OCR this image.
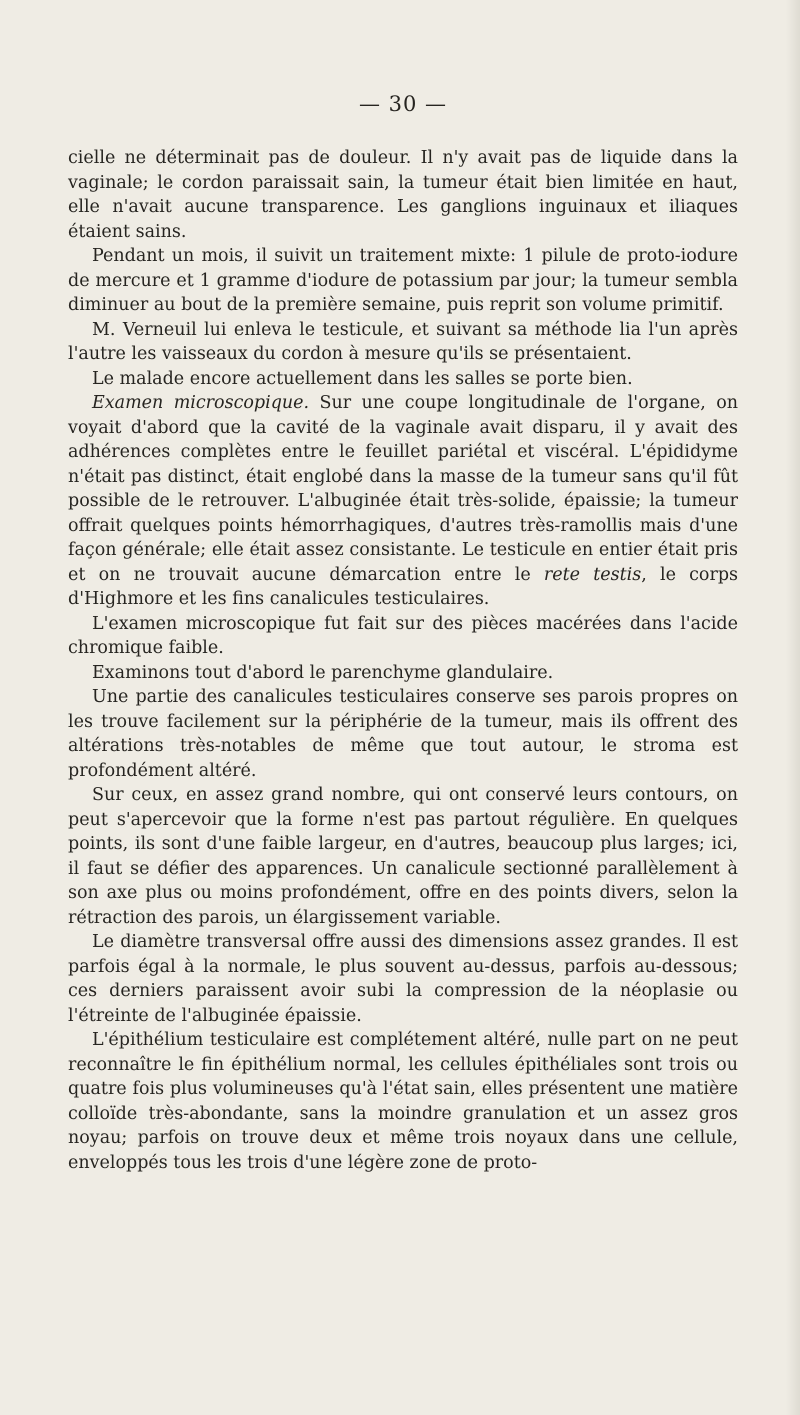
— 30 —

cielle ne déterminait pas de douleur. Il n'y avait pas de liquide dans la vaginale; le cordon paraissait sain, la tumeur était bien limitée en haut, elle n'avait aucune transparence. Les ganglions inguinaux et iliaques étaient sains.

Pendant un mois, il suivit un traitement mixte: 1 pilule de proto-iodure de mercure et 1 gramme d'iodure de potassium par jour; la tumeur sembla diminuer au bout de la première semaine, puis reprit son volume primitif.

M. Verneuil lui enleva le testicule, et suivant sa méthode lia l'un après l'autre les vaisseaux du cordon à mesure qu'ils se présentaient.

Le malade encore actuellement dans les salles se porte bien.

Examen microscopique. Sur une coupe longitudinale de l'organe, on voyait d'abord que la cavité de la vaginale avait disparu, il y avait des adhérences complètes entre le feuillet pariétal et viscéral. L'épididyme n'était pas distinct, était englobé dans la masse de la tumeur sans qu'il fût possible de le retrouver. L'albuginée était très-solide, épaissie; la tumeur offrait quelques points hémorrhagiques, d'autres très-ramollis mais d'une façon générale; elle était assez consistante. Le testicule en entier était pris et on ne trouvait aucune démarcation entre le rete testis, le corps d'Highmore et les fins canalicules testiculaires.

L'examen microscopique fut fait sur des pièces macérées dans l'acide chromique faible.

Examinons tout d'abord le parenchyme glandulaire.

Une partie des canalicules testiculaires conserve ses parois propres on les trouve facilement sur la périphérie de la tumeur, mais ils offrent des altérations très-notables de même que tout autour, le stroma est profondément altéré.

Sur ceux, en assez grand nombre, qui ont conservé leurs contours, on peut s'apercevoir que la forme n'est pas partout régulière. En quelques points, ils sont d'une faible largeur, en d'autres, beaucoup plus larges; ici, il faut se défier des apparences. Un canalicule sectionné parallèlement à son axe plus ou moins profondément, offre en des points divers, selon la rétraction des parois, un élargissement variable.

Le diamètre transversal offre aussi des dimensions assez grandes. Il est parfois égal à la normale, le plus souvent au-dessus, parfois au-dessous; ces derniers paraissent avoir subi la compression de la néoplasie ou l'étreinte de l'albuginée épaissie.

L'épithélium testiculaire est complétement altéré, nulle part on ne peut reconnaître le fin épithélium normal, les cellules épithéliales sont trois ou quatre fois plus volumineuses qu'à l'état sain, elles présentent une matière colloïde très-abondante, sans la moindre granulation et un assez gros noyau; parfois on trouve deux et même trois noyaux dans une cellule, enveloppés tous les trois d'une légère zone de proto-
